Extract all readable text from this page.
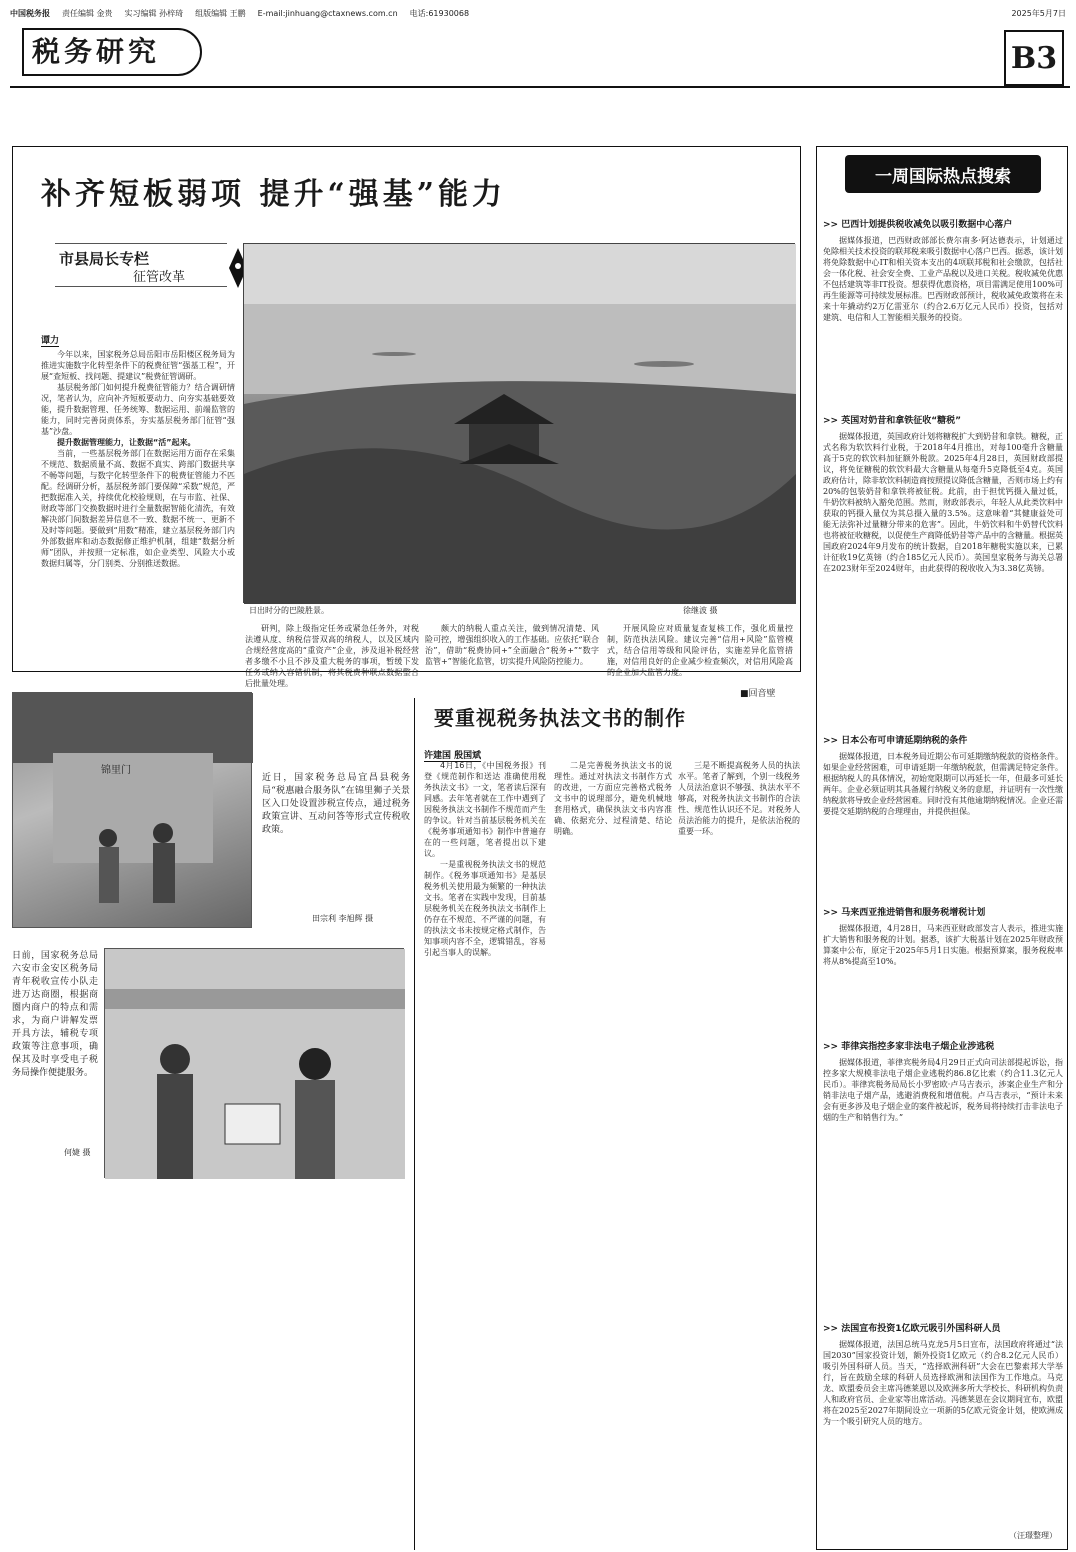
中国税务报 责任编辑 金贵 实习编辑 孙梓琦 组版编辑 王鹏 E-mail:jinhuang@ctaxnews.com.cn 电话:61930068	2025年5月7日
税务研究	B3
补齐短板弱项 提升“强基”能力
市县局长专栏
征管改革
谭力
日出时分的巴陵胜景。	徐继波 摄

今年以来，国家税务总局岳阳市岳阳楼区税务局为推进实施数字化转型条件下的税费征管“强基工程”，开展“查短板、找问题、提建议”税费征管调研。

基层税务部门如何提升税费征管能力？结合调研情况，笔者认为，应向补齐短板要动力、向夯实基础要效能，提升数据管理、任务统筹、数据运用、前端监管的能力，同时完善岗责体系，夯实基层税务部门征管“强基”沙盘。

提升数据管理能力，让数据“活”起来。

当前，一些基层税务部门在数据运用方面存在采集不规范、数据质量不高、数据不真实、跨部门数据共享不畅等问题，与数字化转型条件下的税费征管能力不匹配。经调研分析，基层税务部门要保障“采数”规范，严把数据准入关，持续优化校验规则，在与市监、社保、财政等部门交换数据时进行全量数据智能化清洗，有效解决部门间数据差异信息不一致、数据不统一、更新不及时等问题。要做到“用数”精准，建立基层税务部门内外部数据库和动态数据修正维护机制，组建“数据分析师”团队，并按照一定标准，如企业类型、风险大小或数据归属等，分门别类、分别推送数据。

研判，除上级指定任务或紧急任务外，对税法遵从度、纳税信誉双高的纳税人，以及区域内合规经营度高的“重资产”企业，涉及退补税经营者多缴不小且不涉及重大税务的事项，暂缓下发任务或纳入容错机制，将其税费种联点数据整合后批量处理。

颇大的纳税人重点关注，做到情况清楚、风险可控，增强组织收入的工作基础。应依托“联合治”，借助“税费协同+”全面融合“税务+”“数字监管+”智能化监管，切实提升风险防控能力。

开展风险应对质量复查复核工作，强化质量控制，防范执法风险。建议完善“信用+风险”监管模式，结合信用等级和风险评估，实施差异化监管措施，对信用良好的企业减少检查频次，对信用风险高的企业加大监管力度。

一周国际热点搜索
>> 巴西计划提供税收减免以吸引数据中心落户
据媒体报道，巴西财政部部长费尔南多·阿达德表示，计划通过免除相关技术投资的联邦税来吸引数据中心落户巴西。据悉，该计划将免除数据中心IT和相关资本支出的4项联邦税和社会缴款，包括社会一体化税、社会安全费、工业产品税以及进口关税。税收减免优惠不包括建筑等非IT投资。想获得优惠资格，项目需满足使用100%可再生能源等可持续发展标准。巴西财政部预计，税收减免政策将在未来十年撬动约2万亿雷亚尔（约合2.6万亿元人民币）投资，包括对建筑、电信和人工智能相关服务的投资。
>> 英国对奶昔和拿铁征收“糖税”
据媒体报道，英国政府计划将糖税扩大到奶昔和拿铁。糖税，正式名称为软饮料行业税，于2018年4月推出，对每100毫升含糖量高于5克的软饮料加征额外税款。2025年4月28日，英国财政部提议，将免征糖税的软饮料最大含糖量从每毫升5克降低至4克。英国政府估计，除非软饮料制造商按照提议降低含糖量，否则市场上约有20%的包装奶昔和拿铁将被征税。此前，由于担忧钙摄入量过低，牛奶饮料被纳入豁免范围。然而，财政部表示，年轻人从此类饮料中获取的钙摄入量仅为其总摄入量的3.5%。这意味着“其健康益处可能无法弥补过量糖分带来的危害”。因此，牛奶饮料和牛奶替代饮料也将被征收糖税，以促使生产商降低奶昔等产品中的含糖量。根据英国政府2024年9月发布的统计数据，自2018年糖税实施以来，已累计征收19亿英镑（约合185亿元人民币）。英国皇家税务与海关总署在2023财年至2024财年，由此获得的税收收入为3.38亿英镑。
>> 日本公布可申请延期纳税的条件
据媒体报道，日本税务局近期公布可延期缴纳税款的资格条件。如果企业经营困难，可申请延期一年缴纳税款，但需满足特定条件。根据纳税人的具体情况，初始宽限期可以再延长一年，但最多可延长两年。企业必须证明其具备履行纳税义务的意愿，并证明有一次性缴纳税款将导致企业经营困难。同时没有其他逾期纳税情况。企业还需要提交延期纳税的合理理由，并提供担保。
>> 马来西亚推进销售和服务税增税计划
据媒体报道，4月28日，马来西亚财政部发言人表示，推进实施扩大销售和服务税的计划。据悉，该扩大税基计划在2025年财政预算案中公布，原定于2025年5月1日实施。根据预算案，服务税税率将从8%提高至10%。
>> 菲律宾指控多家非法电子烟企业涉逃税
据媒体报道，菲律宾税务局4月29日正式向司法部提起诉讼，指控多家大规模非法电子烟企业逃税约86.8亿比索（约合11.3亿元人民币）。菲律宾税务局局长小罗密欧·卢马吉表示，涉案企业生产和分销非法电子烟产品，逃避消费税和增值税。卢马吉表示，“预计未来会有更多涉及电子烟企业的案件被起诉，税务局将持续打击非法电子烟的生产和销售行为。”
>> 法国宣布投资1亿欧元吸引外国科研人员
据媒体报道，法国总统马克龙5月5日宣布，法国政府将通过“法国2030”国家投资计划，额外投资1亿欧元（约合8.2亿元人民币）吸引外国科研人员。当天，“选择欧洲科研”大会在巴黎索邦大学举行，旨在鼓励全球的科研人员选择欧洲和法国作为工作地点。马克龙、欧盟委员会主席冯德莱恩以及欧洲多所大学校长、科研机构负责人和政府官员、企业家等出席活动。冯德莱恩在会议期间宣布，欧盟将在2025至2027年期间设立一项新的5亿欧元资金计划，使欧洲成为一个吸引研究人员的地方。
（汪璟整理）
锦里门
近日，国家税务总局宜昌县税务局“税惠融合服务队”在锦里狮子关景区入口处设置涉税宣传点，通过税务政策宣讲、互动问答等形式宣传税收政策。
田宗利 李旭辉 摄
日前，国家税务总局六安市金安区税务局青年税收宣传小队走进万达商圈，根据商圈内商户的特点和需求，为商户讲解发票开具方法，辅税专项政策等注意事项，确保其及时享受电子税务局操作便捷服务。
何婕 摄
■回音壁
要重视税务执法文书的制作
许建国 殷国斌

4月16日，《中国税务报》刊登《规范制作和送达 准确使用税务执法文书》一文，笔者读后深有同感。去年笔者就在工作中遇到了因税务执法文书制作不规范而产生的争议。针对当前基层税务机关在《税务事项通知书》制作中普遍存在的一些问题，笔者提出以下建议。

一是重视税务执法文书的规范制作。《税务事项通知书》是基层税务机关使用最为频繁的一种执法文书。笔者在实践中发现，目前基层税务机关在税务执法文书制作上仍存在不规范、不严谨的问题，有的执法文书未按规定格式制作，告知事项内容不全，逻辑错乱，容易引起当事人的误解。

二是完善税务执法文书的说理性。通过对执法文书制作方式的改进，一方面应完善格式税务文书中的说理部分，避免机械地套用格式，确保执法文书内容准确、依据充分、过程清楚、结论明确。

三是不断提高税务人员的执法水平。笔者了解到，个别一线税务人员法治意识不够强、执法水平不够高，对税务执法文书制作的合法性、规范性认识还不足。对税务人员法治能力的提升，是依法治税的重要一环。
